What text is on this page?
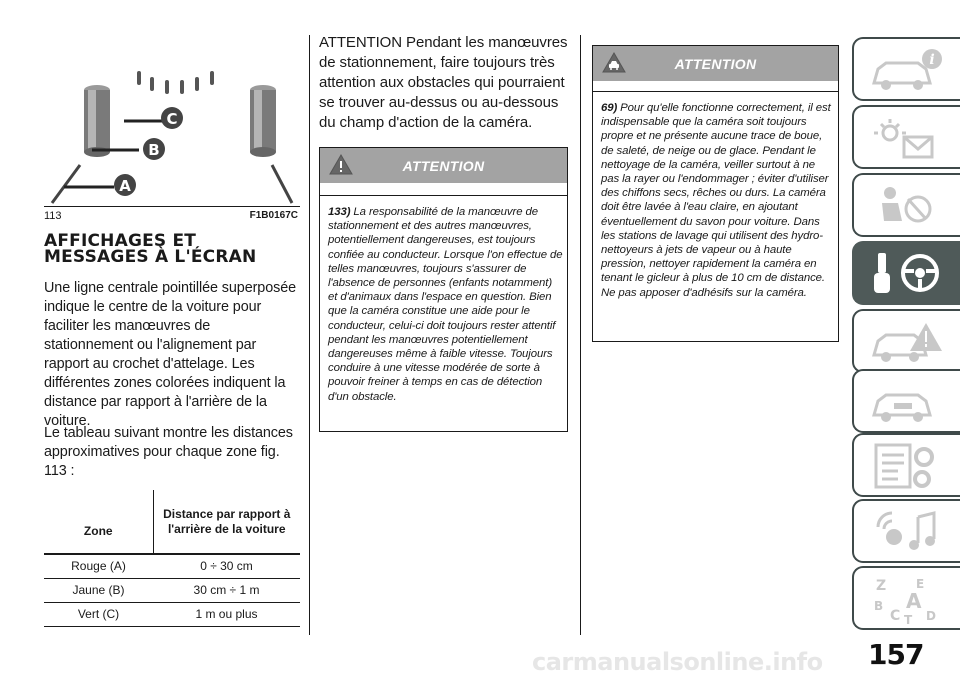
A
B
C
113	F1B0167C
AFFICHAGES ET
MESSAGES À L'ÉCRAN

Une ligne centrale pointillée superposée indique le centre de la voiture pour faciliter les manœuvres de stationnement ou l'alignement par rapport au crochet d'attelage. Les différentes zones colorées indiquent la distance par rapport à l'arrière de la voiture.

Le tableau suivant montre les distances approximatives pour chaque zone fig. 113 :

Zone	Distance par rapport à l'arrière de la voiture
Rouge (A)	0 ÷ 30 cm
Jaune (B)	30 cm ÷ 1 m
Vert (C)	1 m ou plus

ATTENTION Pendant les manœuvres de stationnement, faire toujours très attention aux obstacles qui pourraient se trouver au-dessus ou au-dessous du champ d'action de la caméra.

ATTENTION

133) La responsabilité de la manœuvre de stationnement et des autres manœuvres, potentiellement dangereuses, est toujours confiée au conducteur. Lorsque l'on effectue de telles manœuvres, toujours s'assurer de l'absence de personnes (enfants notamment) et d'animaux dans l'espace en question. Bien que la caméra constitue une aide pour le conducteur, celui-ci doit toujours rester attentif pendant les manœuvres potentiellement dangereuses même à faible vitesse. Toujours conduire à une vitesse modérée de sorte à pouvoir freiner à temps en cas de détection d'un obstacle.

ATTENTION

69) Pour qu'elle fonctionne correctement, il est indispensable que la caméra soit toujours propre et ne présente aucune trace de boue, de saleté, de neige ou de glace. Pendant le nettoyage de la caméra, veiller surtout à ne pas la rayer ou l'endommager ; éviter d'utiliser des chiffons secs, rêches ou durs. La caméra doit être lavée à l'eau claire, en ajoutant éventuellement du savon pour voiture. Dans les stations de lavage qui utilisent des hydro-nettoyeurs à jets de vapeur ou à haute pression, nettoyer rapidement la caméra en tenant le gicleur à plus de 10 cm de distance. Ne pas apposer d'adhésifs sur la caméra.

i
Z E
B A
C T D
carmanualsonline.info 157
